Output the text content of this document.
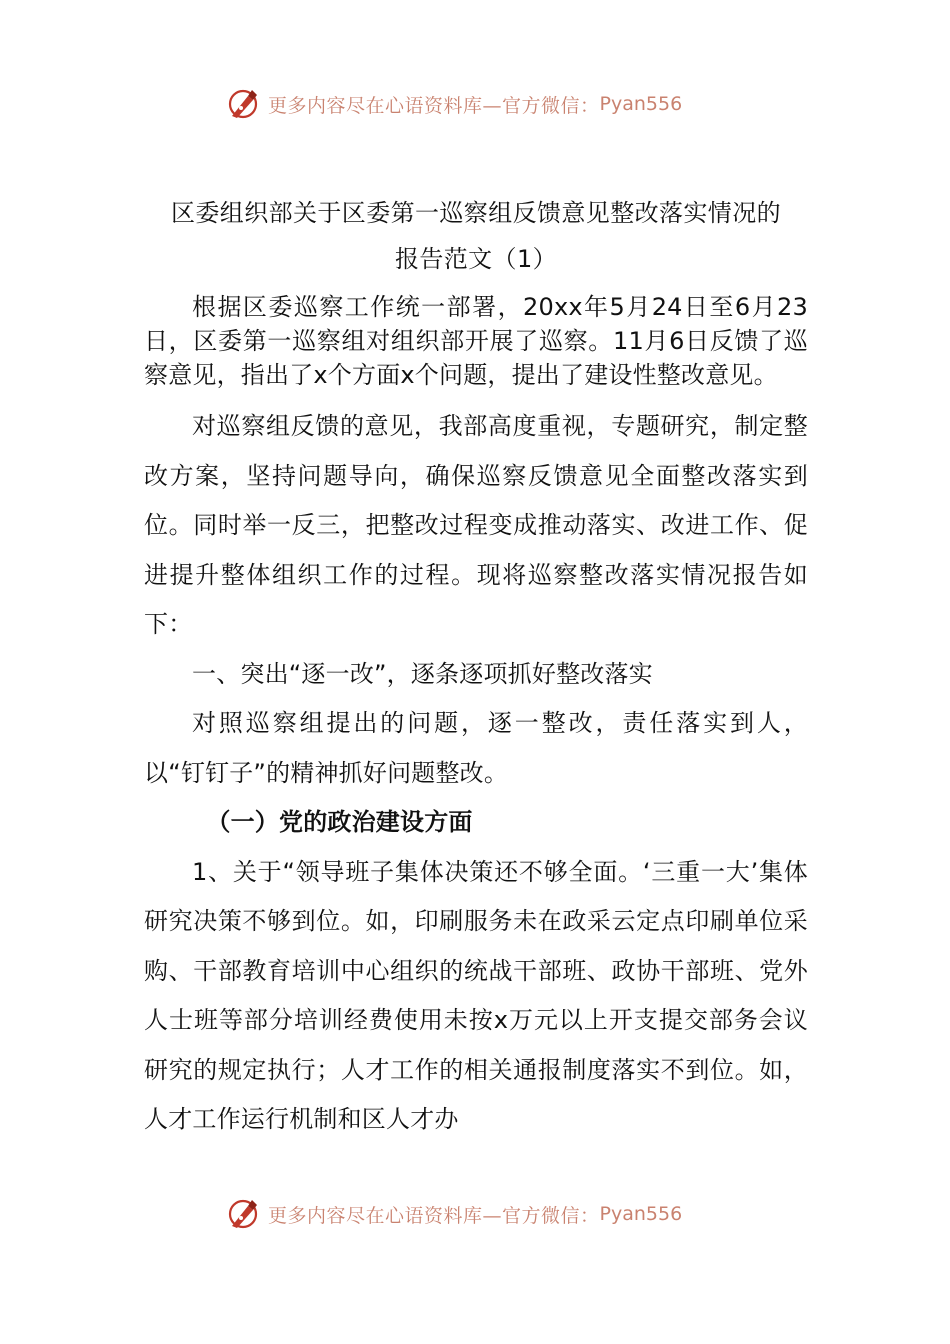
更多内容尽在心语资料库—官方微信： Pyan556

区委组织部关于区委第一巡察组反馈意见整改落实情况的

报告范文（1）

根据区委巡察工作统一部署，20xx年5月24日至6月23日，区委第一巡察组对组织部开展了巡察。11月6日反馈了巡察意见，指出了x个方面x个问题，提出了建设性整改意见。

对巡察组反馈的意见，我部高度重视，专题研究，制定整改方案，坚持问题导向，确保巡察反馈意见全面整改落实到位。同时举一反三，把整改过程变成推动落实、改进工作、促进提升整体组织工作的过程。现将巡察整改落实情况报告如下：

一、突出“逐一改”，逐条逐项抓好整改落实

对照巡察组提出的问题，逐一整改，责任落实到人，以“钉钉子”的精神抓好问题整改。

（一）党的政治建设方面

1、关于“领导班子集体决策还不够全面。‘三重一大’集体研究决策不够到位。如，印刷服务未在政采云定点印刷单位采购、干部教育培训中心组织的统战干部班、政协干部班、党外人士班等部分培训经费使用未按x万元以上开支提交部务会议研究的规定执行；人才工作的相关通报制度落实不到位。如，人才工作运行机制和区人才办

更多内容尽在心语资料库—官方微信： Pyan556
